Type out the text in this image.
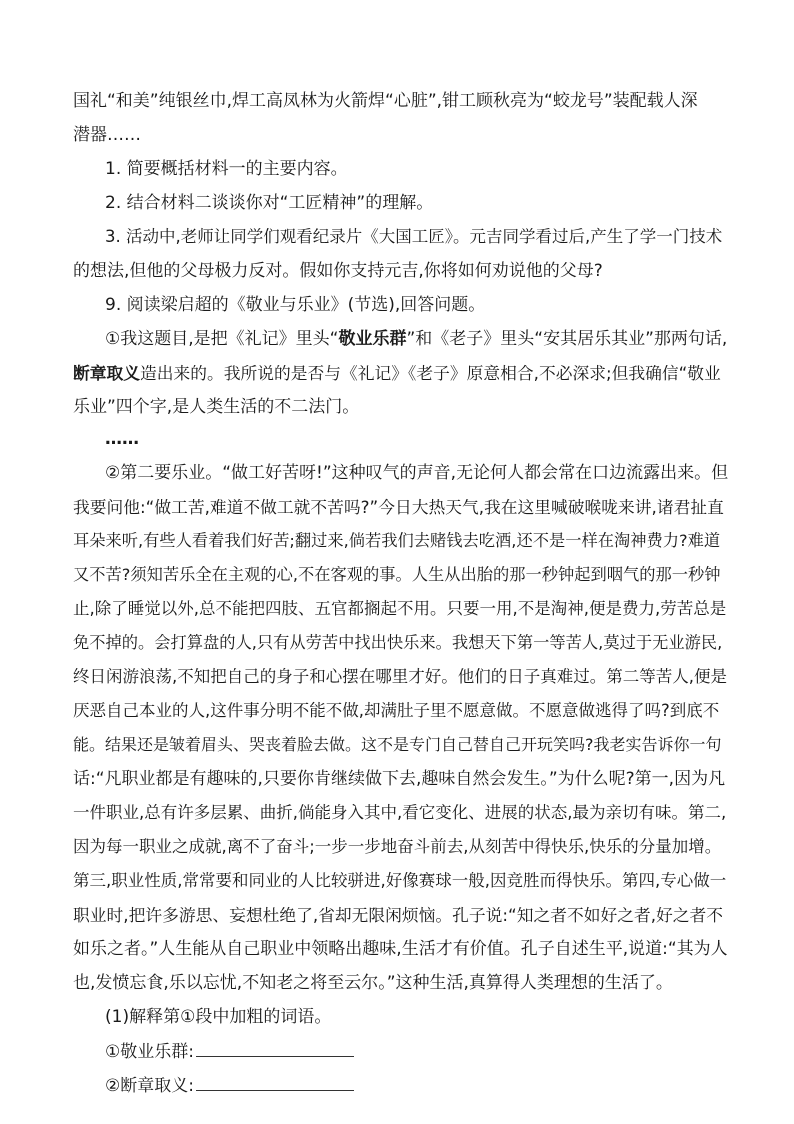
国礼“和美”纯银丝巾,焊工高凤林为火箭焊“心脏”,钳工顾秋亮为“蛟龙号”装配载人深
潜器……
1. 简要概括材料一的主要内容。
2. 结合材料二谈谈你对“工匠精神”的理解。
3. 活动中,老师让同学们观看纪录片《大国工匠》。元吉同学看过后,产生了学一门技术
的想法,但他的父母极力反对。假如你支持元吉,你将如何劝说他的父母?
9. 阅读梁启超的《敬业与乐业》(节选),回答问题。
①我这题目,是把《礼记》里头“敬业乐群”和《老子》里头“安其居乐其业”那两句话,
断章取义造出来的。我所说的是否与《礼记》《老子》原意相合,不必深求;但我确信“敬业
乐业”四个字,是人类生活的不二法门。
……
②第二要乐业。“做工好苦呀!”这种叹气的声音,无论何人都会常在口边流露出来。但
我要问他:“做工苦,难道不做工就不苦吗?”今日大热天气,我在这里喊破喉咙来讲,诸君扯直
耳朵来听,有些人看着我们好苦;翻过来,倘若我们去赌钱去吃酒,还不是一样在淘神费力?难道
又不苦?须知苦乐全在主观的心,不在客观的事。人生从出胎的那一秒钟起到咽气的那一秒钟
止,除了睡觉以外,总不能把四肢、五官都搁起不用。只要一用,不是淘神,便是费力,劳苦总是
免不掉的。会打算盘的人,只有从劳苦中找出快乐来。我想天下第一等苦人,莫过于无业游民,
终日闲游浪荡,不知把自己的身子和心摆在哪里才好。他们的日子真难过。第二等苦人,便是
厌恶自己本业的人,这件事分明不能不做,却满肚子里不愿意做。不愿意做逃得了吗?到底不
能。结果还是皱着眉头、哭丧着脸去做。这不是专门自己替自己开玩笑吗?我老实告诉你一句
话:“凡职业都是有趣味的,只要你肯继续做下去,趣味自然会发生。”为什么呢?第一,因为凡
一件职业,总有许多层累、曲折,倘能身入其中,看它变化、进展的状态,最为亲切有味。第二,
因为每一职业之成就,离不了奋斗;一步一步地奋斗前去,从刻苦中得快乐,快乐的分量加增。
第三,职业性质,常常要和同业的人比较骈进,好像赛球一般,因竞胜而得快乐。第四,专心做一
职业时,把许多游思、妄想杜绝了,省却无限闲烦恼。孔子说:“知之者不如好之者,好之者不
如乐之者。”人生能从自己职业中领略出趣味,生活才有价值。孔子自述生平,说道:“其为人
也,发愤忘食,乐以忘忧,不知老之将至云尔。”这种生活,真算得人类理想的生活了。
(1)解释第①段中加粗的词语。
①敬业乐群:
②断章取义:
